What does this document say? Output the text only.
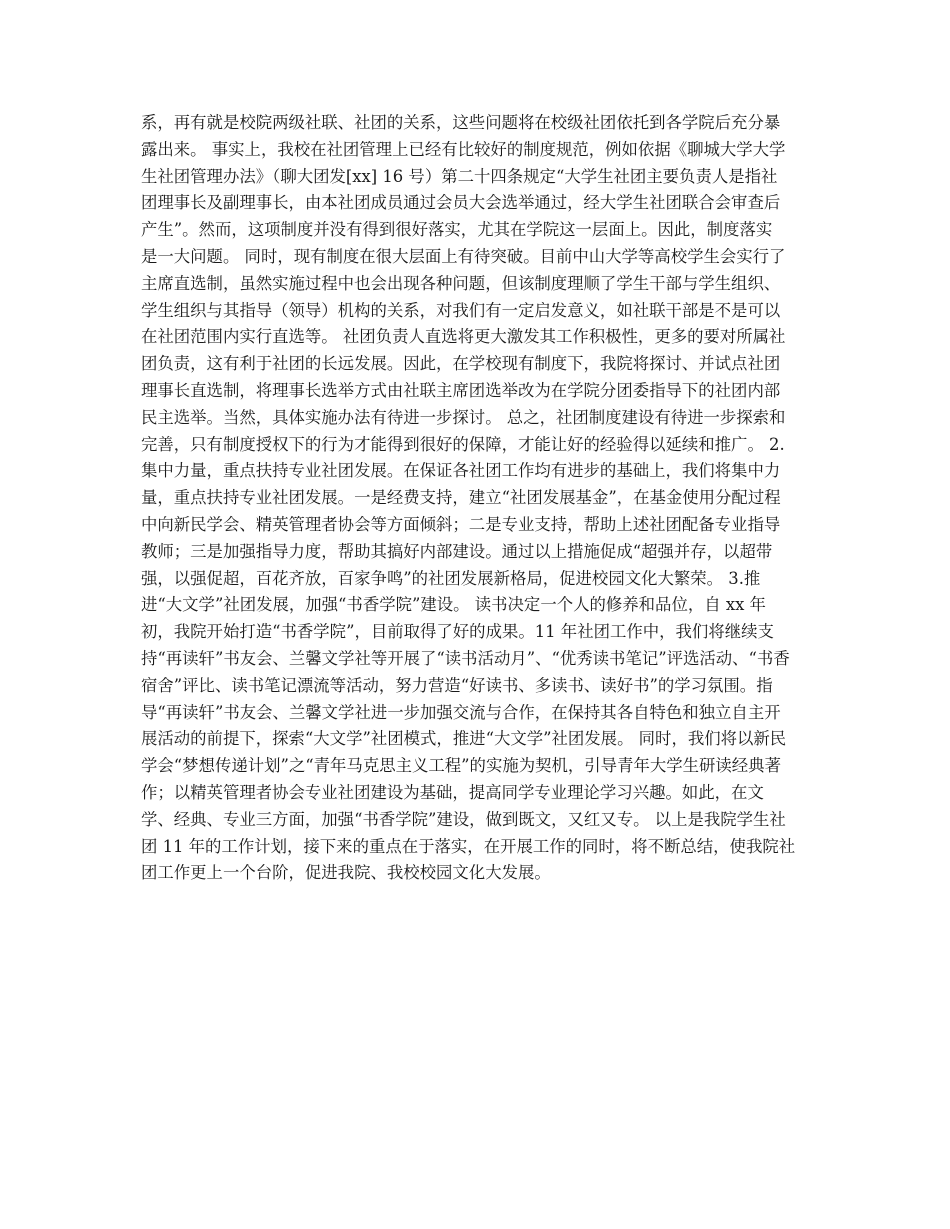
系，再有就是校院两级社联、社团的关系，这些问题将在校级社团依托到各学院后充分暴
露出来。 事实上，我校在社团管理上已经有比较好的制度规范，例如依据《聊城大学大学
生社团管理办法》（聊大团发[xx] 16 号）第二十四条规定“大学生社团主要负责人是指社
团理事长及副理事长，由本社团成员通过会员大会选举通过，经大学生社团联合会审查后
产生”。然而，这项制度并没有得到很好落实，尤其在学院这一层面上。因此，制度落实
是一大问题。 同时，现有制度在很大层面上有待突破。目前中山大学等高校学生会实行了
主席直选制，虽然实施过程中也会出现各种问题，但该制度理顺了学生干部与学生组织、
学生组织与其指导（领导）机构的关系，对我们有一定启发意义，如社联干部是不是可以
在社团范围内实行直选等。 社团负责人直选将更大激发其工作积极性，更多的要对所属社
团负责，这有利于社团的长远发展。因此，在学校现有制度下，我院将探讨、并试点社团
理事长直选制，将理事长选举方式由社联主席团选举改为在学院分团委指导下的社团内部
民主选举。当然，具体实施办法有待进一步探讨。 总之，社团制度建设有待进一步探索和
完善，只有制度授权下的行为才能得到很好的保障，才能让好的经验得以延续和推广。 2.
集中力量，重点扶持专业社团发展。在保证各社团工作均有进步的基础上，我们将集中力
量，重点扶持专业社团发展。一是经费支持，建立“社团发展基金”，在基金使用分配过程
中向新民学会、精英管理者协会等方面倾斜；二是专业支持，帮助上述社团配备专业指导
教师；三是加强指导力度，帮助其搞好内部建设。通过以上措施促成“超强并存，以超带
强，以强促超，百花齐放，百家争鸣”的社团发展新格局，促进校园文化大繁荣。 3.推
进“大文学”社团发展，加强“书香学院”建设。 读书决定一个人的修养和品位，自 xx 年
初，我院开始打造“书香学院”，目前取得了好的成果。11 年社团工作中，我们将继续支
持“再读轩”书友会、兰馨文学社等开展了“读书活动月”、“优秀读书笔记”评选活动、“书香
宿舍”评比、读书笔记漂流等活动，努力营造“好读书、多读书、读好书”的学习氛围。指
导“再读轩”书友会、兰馨文学社进一步加强交流与合作，在保持其各自特色和独立自主开
展活动的前提下，探索“大文学”社团模式，推进“大文学”社团发展。 同时，我们将以新民
学会“梦想传递计划”之“青年马克思主义工程”的实施为契机，引导青年大学生研读经典著
作；以精英管理者协会专业社团建设为基础，提高同学专业理论学习兴趣。如此，在文
学、经典、专业三方面，加强“书香学院”建设，做到既文，又红又专。 以上是我院学生社
团 11 年的工作计划，接下来的重点在于落实，在开展工作的同时，将不断总结，使我院社
团工作更上一个台阶，促进我院、我校校园文化大发展。
